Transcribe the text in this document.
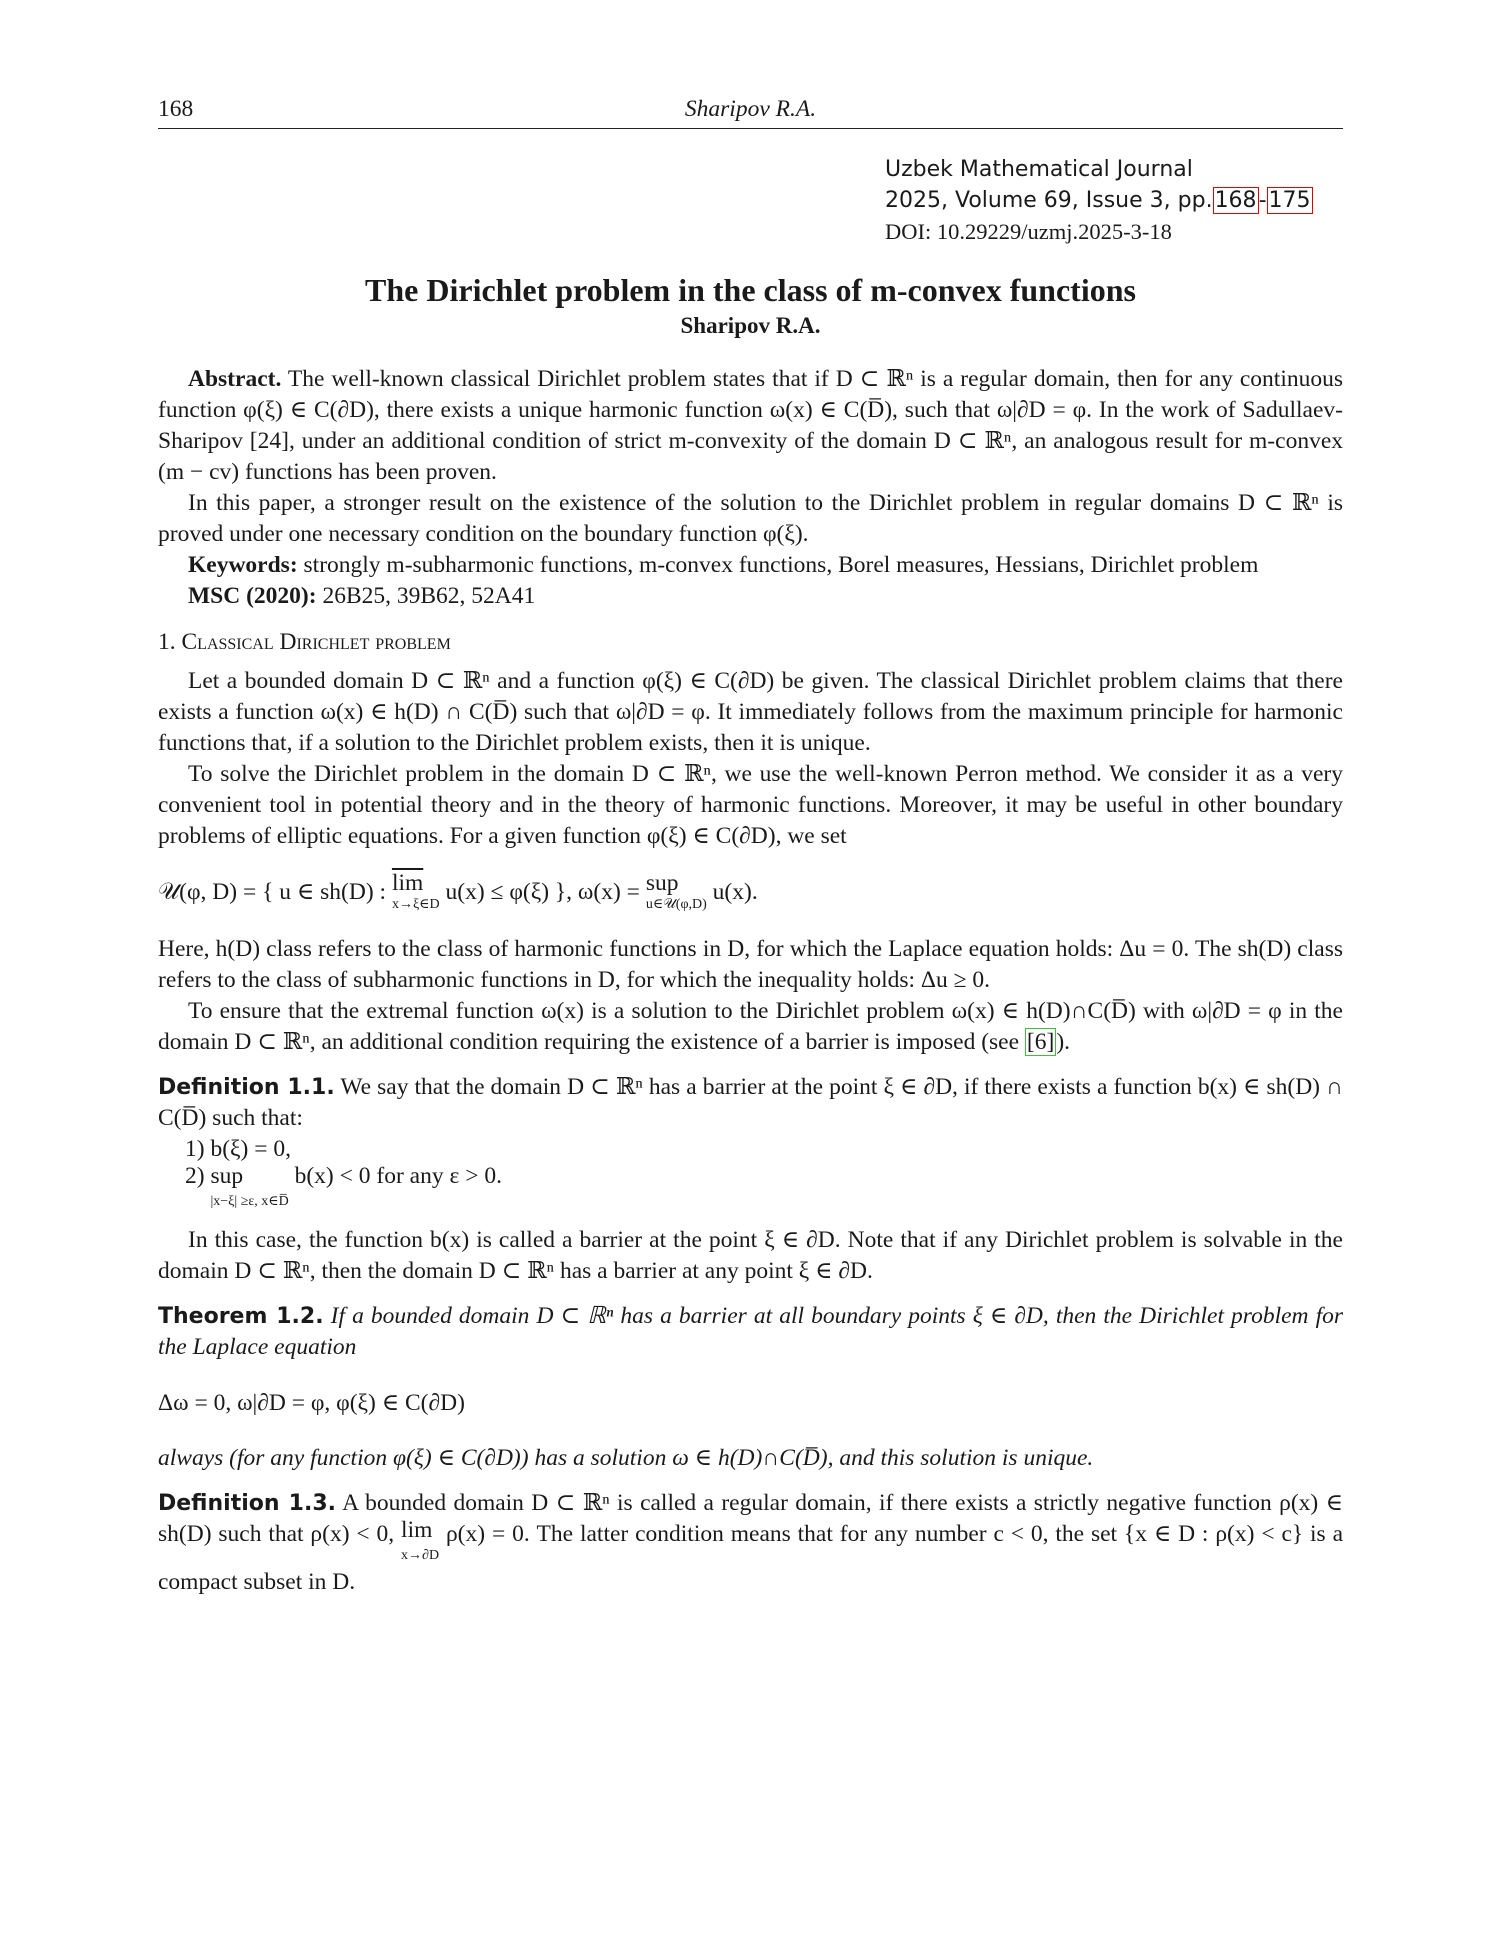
168	Sharipov R.A.
Uzbek Mathematical Journal
2025, Volume 69, Issue 3, pp.168-175
DOI: 10.29229/uzmj.2025-3-18
The Dirichlet problem in the class of m-convex functions
Sharipov R.A.

Abstract. The well-known classical Dirichlet problem states that if D ⊂ ℝⁿ is a regular domain, then for any continuous function φ(ξ) ∈ C(∂D), there exists a unique harmonic function ω(x) ∈ C(D̅), such that ω|∂D = φ. In the work of Sadullaev-Sharipov [24], under an additional condition of strict m-convexity of the domain D ⊂ ℝⁿ, an analogous result for m-convex (m − cv) functions has been proven.

In this paper, a stronger result on the existence of the solution to the Dirichlet problem in regular domains D ⊂ ℝⁿ is proved under one necessary condition on the boundary function φ(ξ).

Keywords: strongly m-subharmonic functions, m-convex functions, Borel measures, Hessians, Dirichlet problem

MSC (2020): 26B25, 39B62, 52A41

1. Classical Dirichlet problem

Let a bounded domain D ⊂ ℝⁿ and a function φ(ξ) ∈ C(∂D) be given. The classical Dirichlet problem claims that there exists a function ω(x) ∈ h(D) ∩ C(D̅) such that ω|∂D = φ. It immediately follows from the maximum principle for harmonic functions that, if a solution to the Dirichlet problem exists, then it is unique.

To solve the Dirichlet problem in the domain D ⊂ ℝⁿ, we use the well-known Perron method. We consider it as a very convenient tool in potential theory and in the theory of harmonic functions. Moreover, it may be useful in other boundary problems of elliptic equations. For a given function φ(ξ) ∈ C(∂D), we set

𝒰(φ, D) = { u ∈ sh(D) : $\overline{lim}$
x→ξ∈D u(x) ≤ φ(ξ) }, ω(x) = sup
u∈𝒰(φ,D) u(x).

Here, h(D) class refers to the class of harmonic functions in D, for which the Laplace equation holds: Δu = 0. The sh(D) class refers to the class of subharmonic functions in D, for which the inequality holds: Δu ≥ 0.

To ensure that the extremal function ω(x) is a solution to the Dirichlet problem ω(x) ∈ h(D)∩C(D̅) with ω|∂D = φ in the domain D ⊂ ℝⁿ, an additional condition requiring the existence of a barrier is imposed (see [6]).

Definition 1.1. We say that the domain D ⊂ ℝⁿ has a barrier at the point ξ ∈ ∂D, if there exists a function b(x) ∈ sh(D) ∩ C(D̅) such that:

1) b(ξ) = 0,

2) sup
|x−ξ| ≥ε, x∈D̅ b(x) < 0 for any ε > 0.

In this case, the function b(x) is called a barrier at the point ξ ∈ ∂D. Note that if any Dirichlet problem is solvable in the domain D ⊂ ℝⁿ, then the domain D ⊂ ℝⁿ has a barrier at any point ξ ∈ ∂D.

Theorem 1.2. If a bounded domain D ⊂ ℝⁿ has a barrier at all boundary points ξ ∈ ∂D, then the Dirichlet problem for the Laplace equation

Δω = 0, ω|∂D = φ, φ(ξ) ∈ C(∂D)

always (for any function φ(ξ) ∈ C(∂D)) has a solution ω ∈ h(D)∩C(D̅), and this solution is unique.

Definition 1.3. A bounded domain D ⊂ ℝⁿ is called a regular domain, if there exists a strictly negative function ρ(x) ∈ sh(D) such that ρ(x) < 0, lim
x→∂D ρ(x) = 0. The latter condition means that for any number c < 0, the set {x ∈ D : ρ(x) < c} is a compact subset in D.
